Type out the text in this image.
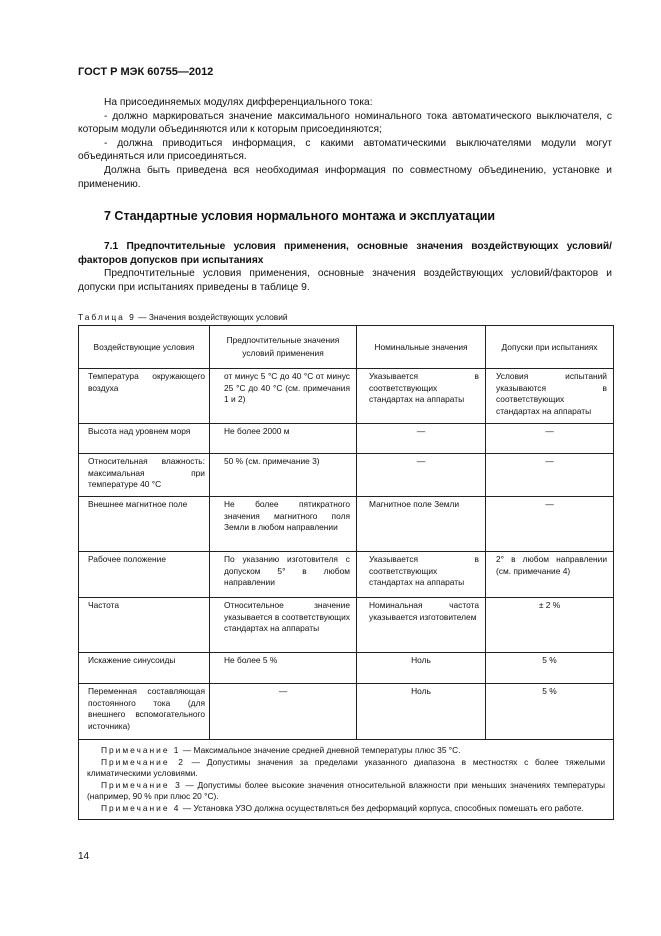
ГОСТ Р МЭК 60755—2012

На присоединяемых модулях дифференциального тока:

- должно маркироваться значение максимального номинального тока автоматического выключателя, с которым модули объединяются или к которым присоединяются;

- должна приводиться информация, с какими автоматическими выключателями модули могут объединяться или присоединяться.

Должна быть приведена вся необходимая информация по совместному объединению, установке и применению.

7 Стандартные условия нормального монтажа и эксплуатации

7.1 Предпочтительные условия применения, основные значения воздействующих условий/факторов допусков при испытаниях

Предпочтительные условия применения, основные значения воздействующих условий/факторов и допуски при испытаниях приведены в таблице 9.

Таблица 9 — Значения воздействующих условий
Воздействующие условия	Предпочтительные значения условий применения	Номинальные значения	Допуски при испытаниях
Температура окружающего воздуха	от минус 5 °С до 40 °С от минус 25 °С до 40 °С (см. примечания 1 и 2)	Указывается в соответствующих стандартах на аппараты	Условия испытаний указываются в соответствующих стандартах на аппараты
Высота над уровнем моря	Не более 2000 м	—	—
Относительная влажность: максимальная при температуре 40 °С	50 % (см. примечание 3)	—	—
Внешнее магнитное поле	Не более пятикратного значения магнитного поля Земли в любом направлении	Магнитное поле Земли	—
Рабочее положение	По указанию изготовителя с допуском 5° в любом направлении	Указывается в соответствующих стандартах на аппараты	2° в любом направлении (см. примечание 4)
Частота	Относительное значение указывается в соответствующих стандартах на аппараты	Номинальная частота указывается изготовителем	± 2 %
Искажение синусоиды	Не более 5 %	Ноль	5 %
Переменная составляющая постоянного тока (для внешнего вспомогательного источника)	—	Ноль	5 %

Примечание 1 — Максимальное значение средней дневной температуры плюс 35 °С.

Примечание 2 — Допустимы значения за пределами указанного диапазона в местностях с более тяжелыми климатическими условиями.

Примечание 3 — Допустимы более высокие значения относительной влажности при меньших значениях температуры (например, 90 % при плюс 20 °С).

Примечание 4 — Установка УЗО должна осуществляться без деформаций корпуса, способных помешать его работе.			

14
